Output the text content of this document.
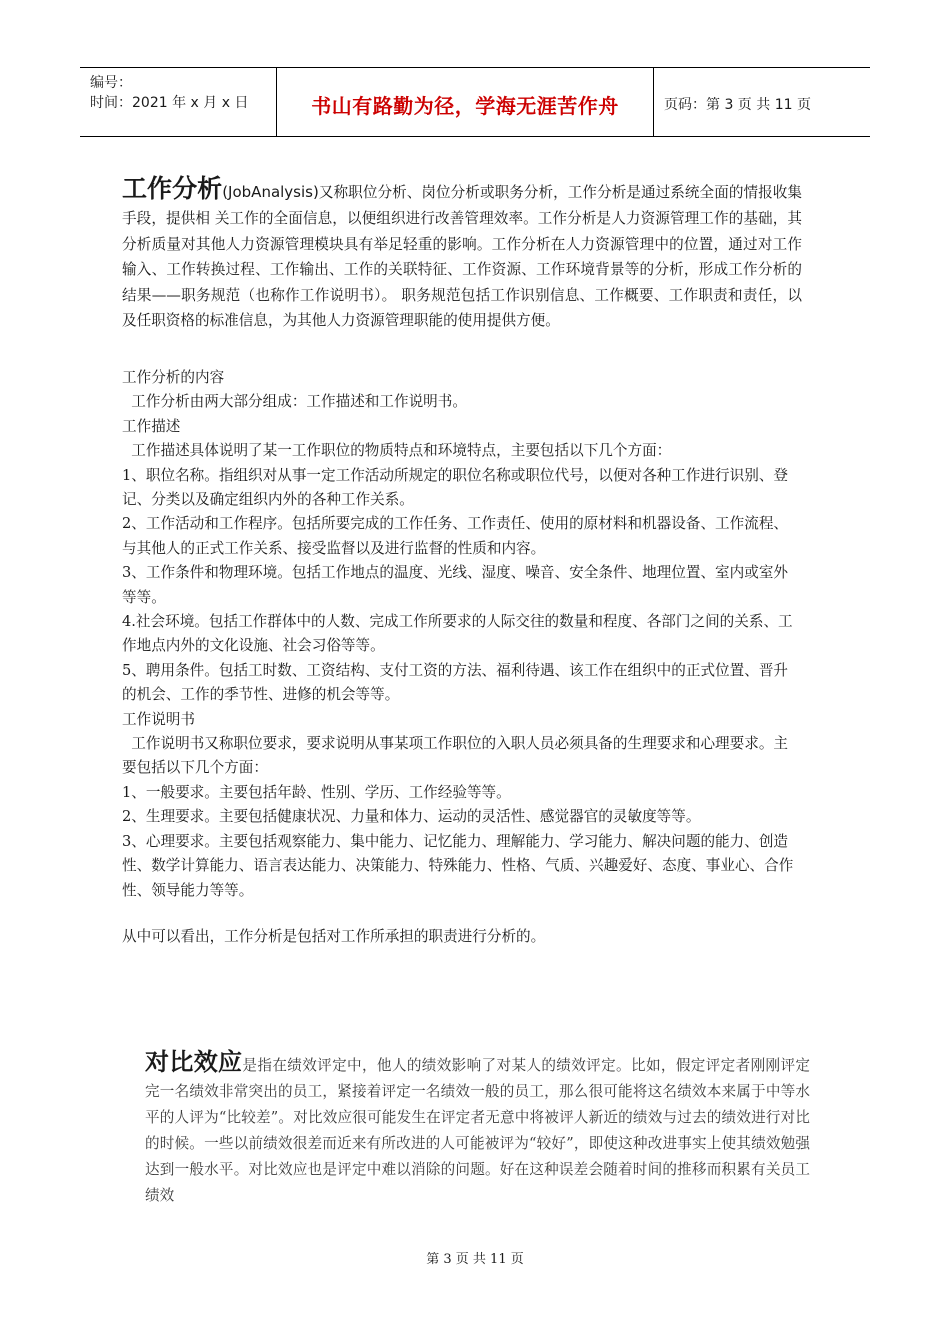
编号：
时间：2021 年 x 月 x 日	书山有路勤为径，学海无涯苦作舟	页码：第 3 页 共 11 页

工作分析(JobAnalysis)又称职位分析、岗位分析或职务分析，工作分析是通过系统全面的情报收集手段，提供相 关工作的全面信息，以便组织进行改善管理效率。工作分析是人力资源管理工作的基础，其分析质量对其他人力资源管理模块具有举足轻重的影响。工作分析在人力资源管理中的位置，通过对工作输入、工作转换过程、工作输出、工作的关联特征、工作资源、工作环境背景等的分析，形成工作分析的结果——职务规范（也称作工作说明书）。 职务规范包括工作识别信息、工作概要、工作职责和责任，以及任职资格的标准信息，为其他人力资源管理职能的使用提供方便。

工作分析的内容

工作分析由两大部分组成：工作描述和工作说明书。

工作描述

工作描述具体说明了某一工作职位的物质特点和环境特点，主要包括以下几个方面：

1、职位名称。指组织对从事一定工作活动所规定的职位名称或职位代号，以便对各种工作进行识别、登记、分类以及确定组织内外的各种工作关系。

2、工作活动和工作程序。包括所要完成的工作任务、工作责任、使用的原材料和机器设备、工作流程、与其他人的正式工作关系、接受监督以及进行监督的性质和内容。

3、工作条件和物理环境。包括工作地点的温度、光线、湿度、噪音、安全条件、地理位置、室内或室外等等。

4.社会环境。包括工作群体中的人数、完成工作所要求的人际交往的数量和程度、各部门之间的关系、工作地点内外的文化设施、社会习俗等等。

5、聘用条件。包括工时数、工资结构、支付工资的方法、福利待遇、该工作在组织中的正式位置、晋升的机会、工作的季节性、进修的机会等等。

工作说明书

工作说明书又称职位要求，要求说明从事某项工作职位的入职人员必须具备的生理要求和心理要求。主要包括以下几个方面：

1、一般要求。主要包括年龄、性别、学历、工作经验等等。

2、生理要求。主要包括健康状况、力量和体力、运动的灵活性、感觉器官的灵敏度等等。

3、心理要求。主要包括观察能力、集中能力、记忆能力、理解能力、学习能力、解决问题的能力、创造性、数学计算能力、语言表达能力、决策能力、特殊能力、性格、气质、兴趣爱好、态度、事业心、合作性、领导能力等等。

从中可以看出，工作分析是包括对工作所承担的职责进行分析的。

对比效应是指在绩效评定中，他人的绩效影响了对某人的绩效评定。比如，假定评定者刚刚评定完一名绩效非常突出的员工，紧接着评定一名绩效一般的员工，那么很可能将这名绩效本来属于中等水平的人评为“比较差”。对比效应很可能发生在评定者无意中将被评人新近的绩效与过去的绩效进行对比的时候。一些以前绩效很差而近来有所改进的人可能被评为“较好”，即使这种改进事实上使其绩效勉强达到一般水平。对比效应也是评定中难以消除的问题。好在这种误差会随着时间的推移而积累有关员工绩效

第 3 页 共 11 页
